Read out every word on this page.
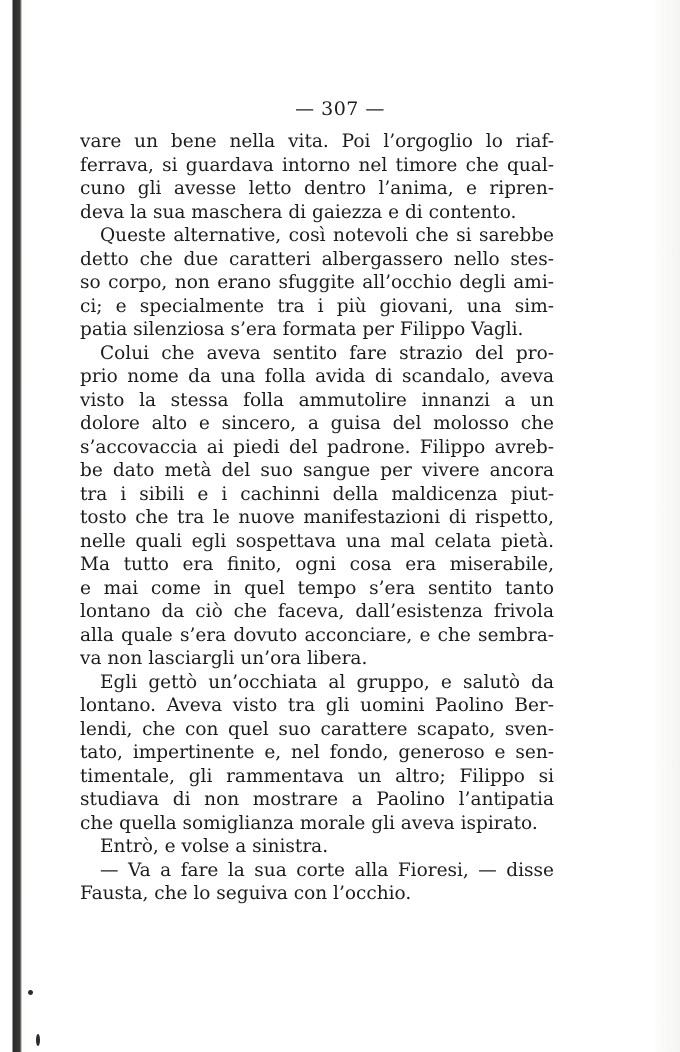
— 307 —
vare un bene nella vita. Poi l’orgoglio lo riaf-
ferrava, si guardava intorno nel timore che qual-
cuno gli avesse letto dentro l’anima, e ripren-
deva la sua maschera di gaiezza e di contento.
Queste alternative, così notevoli che si sarebbe
detto che due caratteri albergassero nello stes-
so corpo, non erano sfuggite all’occhio degli ami-
ci; e specialmente tra i più giovani, una sim-
patia silenziosa s’era formata per Filippo Vagli.
Colui che aveva sentito fare strazio del pro-
prio nome da una folla avida di scandalo, aveva
visto la stessa folla ammutolire innanzi a un
dolore alto e sincero, a guisa del molosso che
s’accovaccia ai piedi del padrone. Filippo avreb-
be dato metà del suo sangue per vivere ancora
tra i sibili e i cachinni della maldicenza piut-
tosto che tra le nuove manifestazioni di rispetto,
nelle quali egli sospettava una mal celata pietà.
Ma tutto era finito, ogni cosa era miserabile,
e mai come in quel tempo s’era sentito tanto
lontano da ciò che faceva, dall’esistenza frivola
alla quale s’era dovuto acconciare, e che sembra-
va non lasciargli un’ora libera.
Egli gettò un’occhiata al gruppo, e salutò da
lontano. Aveva visto tra gli uomini Paolino Ber-
lendi, che con quel suo carattere scapato, sven-
tato, impertinente e, nel fondo, generoso e sen-
timentale, gli rammentava un altro; Filippo si
studiava di non mostrare a Paolino l’antipatia
che quella somiglianza morale gli aveva ispirato.
Entrò, e volse a sinistra.
— Va a fare la sua corte alla Fioresi, — disse
Fausta, che lo seguiva con l’occhio.
